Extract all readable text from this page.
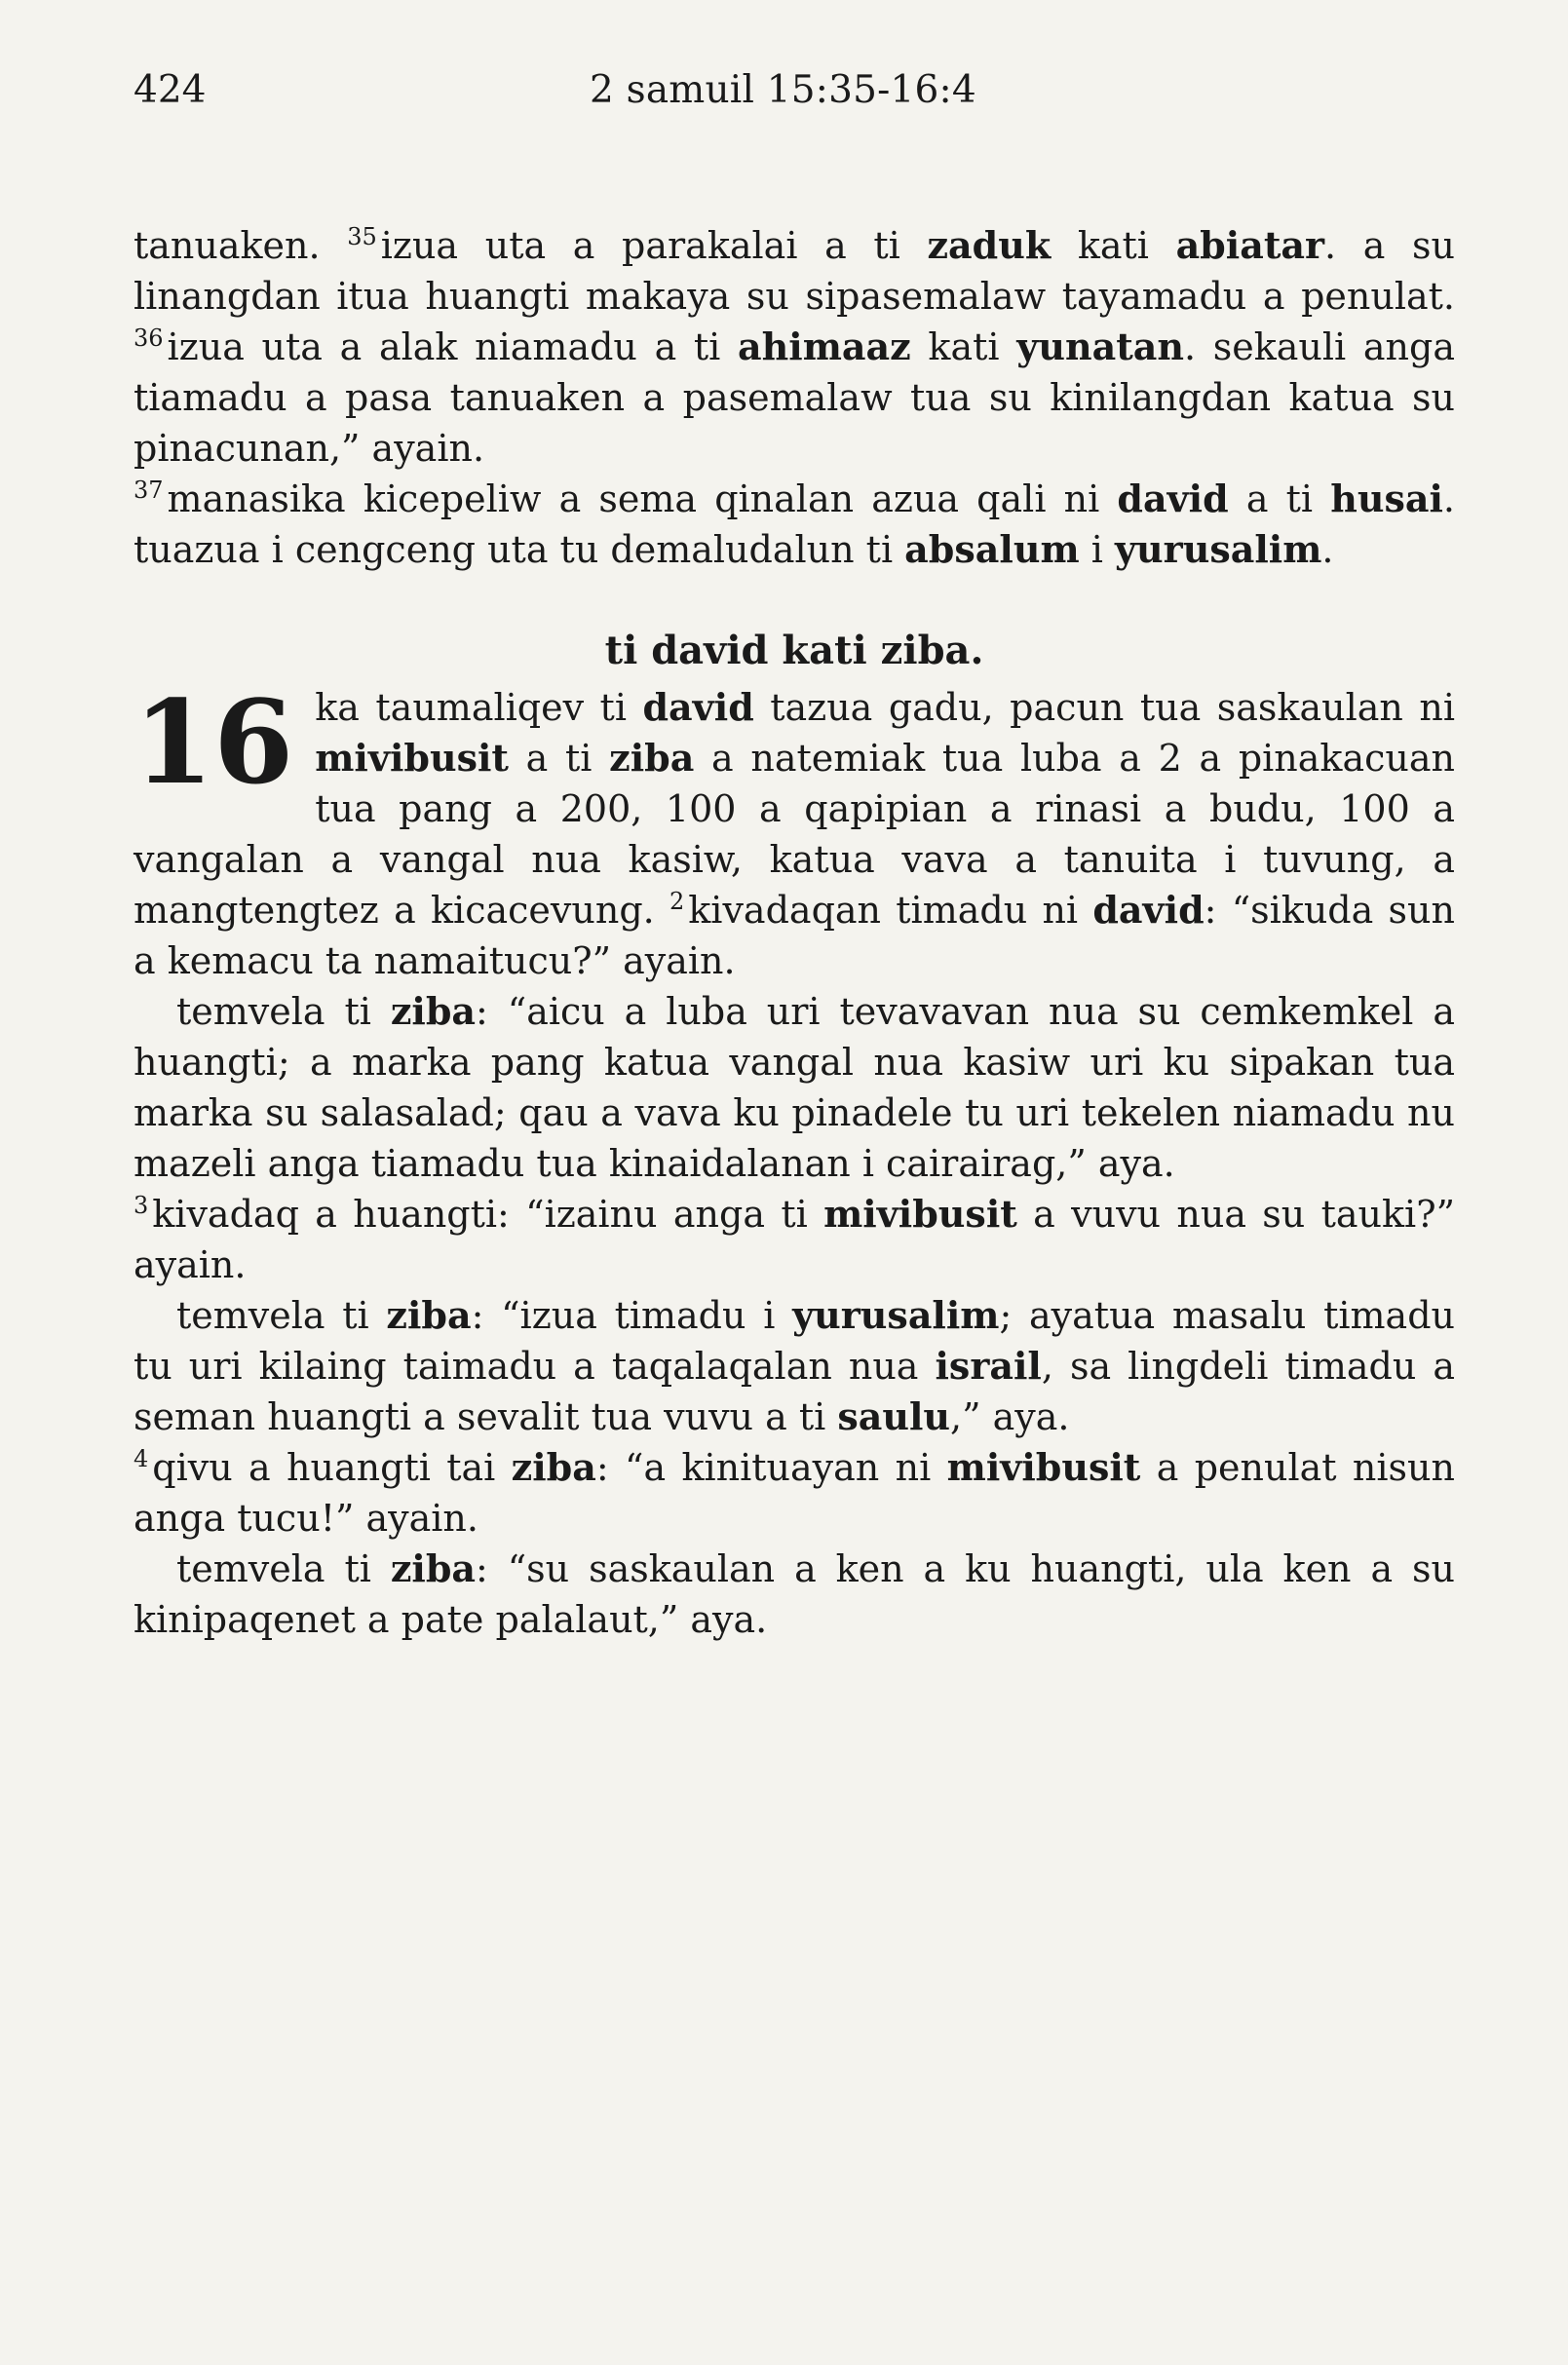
424	2 samuil 15:35-16:4

tanuaken. $^{35}$ izua uta a parakalai a ti zaduk kati abiatar. a su linangdan itua huangti makaya su sipasemalaw tayamadu a penulat. $^{36}$ izua uta a alak niamadu a ti ahimaaz kati yunatan. sekauli anga tiamadu a pasa tanuaken a pasemalaw tua su kinilangdan katua su pinacunan,” ayain.

$^{37}$ manasika kicepeliw a sema qinalan azua qali ni david a ti husai. tuazua i cengceng uta tu demaludalun ti absalum i yurusalim.

ti david kati ziba.
16 ka taumaliqev ti david tazua gadu, pacun tua saskaulan ni mivibusit a ti ziba a natemiak tua luba a 2 a pinakacuan tua pang a 200, 100 a qapipian a rinasi a budu, 100 a vangalan a vangal nua kasiw, katua vava a tanuita i tuvung, a mangtengtez a kicacevung. $^2$ kivadaqan timadu ni david: “sikuda sun a kemacu ta namaitucu?” ayain.

temvela ti ziba: “aicu a luba uri tevavavan nua su cemkemkel a huangti; a marka pang katua vangal nua kasiw uri ku sipakan tua marka su salasalad; qau a vava ku pinadele tu uri tekelen niamadu nu mazeli anga tiamadu tua kinaidalanan i cairairag,” aya.

$^3$ kivadaq a huangti: “izainu anga ti mivibusit a vuvu nua su tauki?” ayain.

temvela ti ziba: “izua timadu i yurusalim; ayatua masalu timadu tu uri kilaing taimadu a taqalaqalan nua israil, sa lingdeli timadu a seman huangti a sevalit tua vuvu a ti saulu,” aya.

$^4$ qivu a huangti tai ziba: “a kinituayan ni mivibusit a penulat nisun anga tucu!” ayain.

temvela ti ziba: “su saskaulan a ken a ku huangti, ula ken a su kinipaqenet a pate palalaut,” aya.
